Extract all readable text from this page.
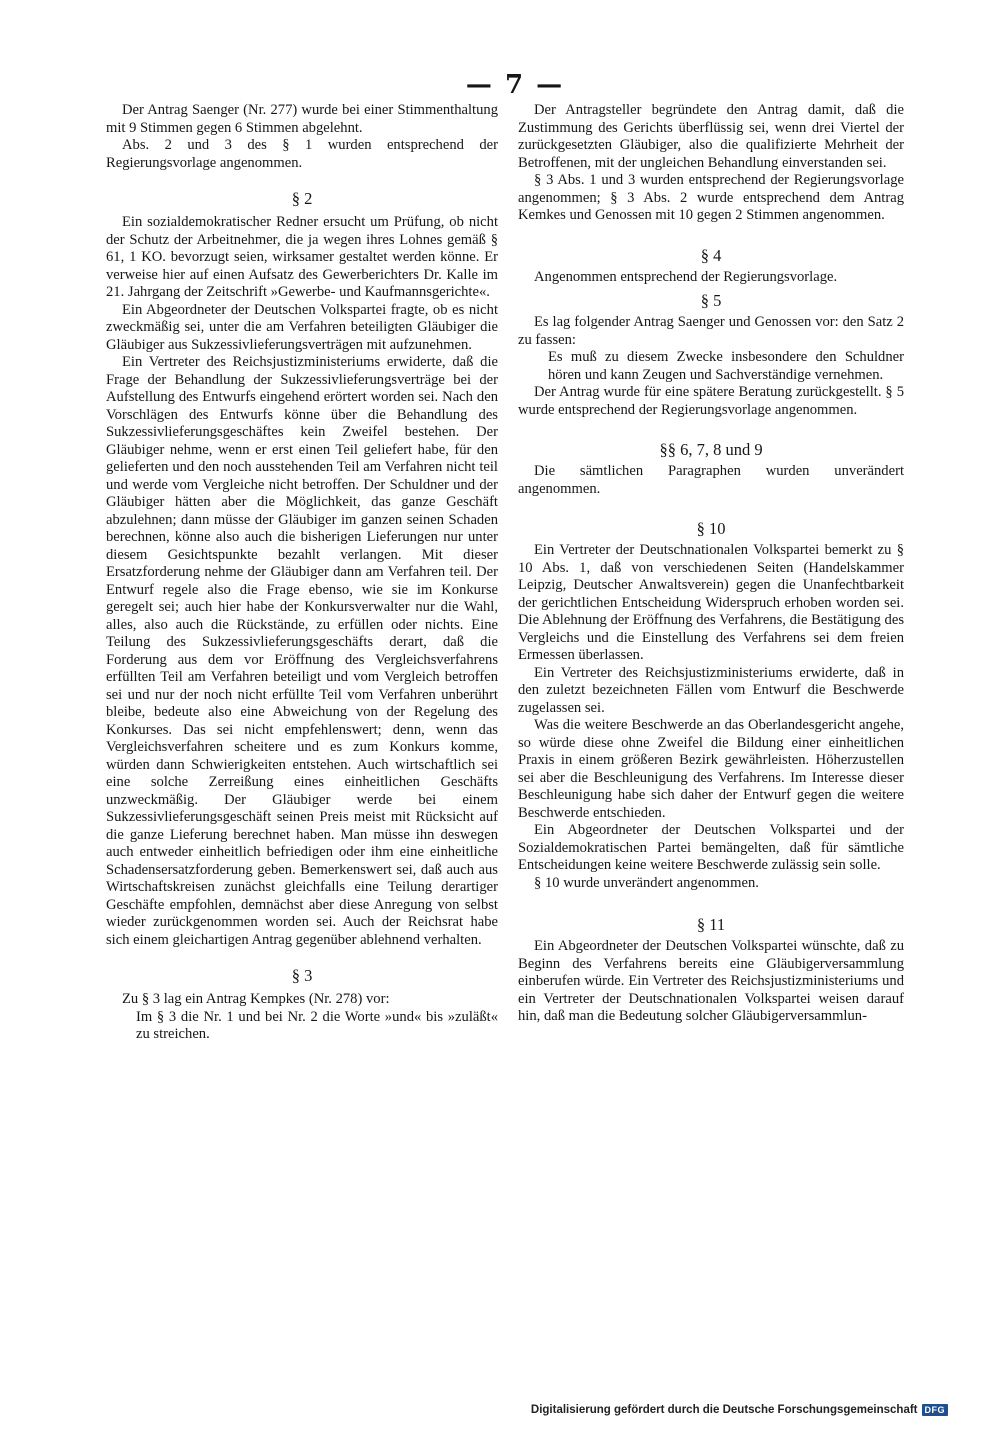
— 7 —

Der Antrag Saenger (Nr. 277) wurde bei einer Stimmenthaltung mit 9 Stimmen gegen 6 Stimmen abgelehnt.

Abs. 2 und 3 des § 1 wurden entsprechend der Regierungsvorlage angenommen.

§ 2

Ein sozialdemokratischer Redner ersucht um Prüfung, ob nicht der Schutz der Arbeitnehmer, die ja wegen ihres Lohnes gemäß § 61, 1 KO. bevorzugt seien, wirksamer gestaltet werden könne. Er verweise hier auf einen Aufsatz des Gewerberichters Dr. Kalle im 21. Jahrgang der Zeitschrift »Gewerbe- und Kaufmannsgerichte«.

Ein Abgeordneter der Deutschen Volkspartei fragte, ob es nicht zweckmäßig sei, unter die am Verfahren beteiligten Gläubiger die Gläubiger aus Sukzessivlieferungsverträgen mit aufzunehmen.

Ein Vertreter des Reichsjustizministeriums erwiderte, daß die Frage der Behandlung der Sukzessivlieferungsverträge bei der Aufstellung des Entwurfs eingehend erörtert worden sei. Nach den Vorschlägen des Entwurfs könne über die Behandlung des Sukzessivlieferungsgeschäftes kein Zweifel bestehen. Der Gläubiger nehme, wenn er erst einen Teil geliefert habe, für den gelieferten und den noch ausstehenden Teil am Verfahren nicht teil und werde vom Vergleiche nicht betroffen. Der Schuldner und der Gläubiger hätten aber die Möglichkeit, das ganze Geschäft abzulehnen; dann müsse der Gläubiger im ganzen seinen Schaden berechnen, könne also auch die bisherigen Lieferungen nur unter diesem Gesichtspunkte bezahlt verlangen. Mit dieser Ersatzforderung nehme der Gläubiger dann am Verfahren teil. Der Entwurf regele also die Frage ebenso, wie sie im Konkurse geregelt sei; auch hier habe der Konkursverwalter nur die Wahl, alles, also auch die Rückstände, zu erfüllen oder nichts. Eine Teilung des Sukzessivlieferungsgeschäfts derart, daß die Forderung aus dem vor Eröffnung des Vergleichsverfahrens erfüllten Teil am Verfahren beteiligt und vom Vergleich betroffen sei und nur der noch nicht erfüllte Teil vom Verfahren unberührt bleibe, bedeute also eine Abweichung von der Regelung des Konkurses. Das sei nicht empfehlenswert; denn, wenn das Vergleichsverfahren scheitere und es zum Konkurs komme, würden dann Schwierigkeiten entstehen. Auch wirtschaftlich sei eine solche Zerreißung eines einheitlichen Geschäfts unzweckmäßig. Der Gläubiger werde bei einem Sukzessivlieferungsgeschäft seinen Preis meist mit Rücksicht auf die ganze Lieferung berechnet haben. Man müsse ihn deswegen auch entweder einheitlich befriedigen oder ihm eine einheitliche Schadensersatzforderung geben. Bemerkenswert sei, daß auch aus Wirtschaftskreisen zunächst gleichfalls eine Teilung derartiger Geschäfte empfohlen, demnächst aber diese Anregung von selbst wieder zurückgenommen worden sei. Auch der Reichsrat habe sich einem gleichartigen Antrag gegenüber ablehnend verhalten.

§ 3

Zu § 3 lag ein Antrag Kempkes (Nr. 278) vor:

Im § 3 die Nr. 1 und bei Nr. 2 die Worte »und« bis »zuläßt« zu streichen.

Der Antragsteller begründete den Antrag damit, daß die Zustimmung des Gerichts überflüssig sei, wenn drei Viertel der zurückgesetzten Gläubiger, also die qualifizierte Mehrheit der Betroffenen, mit der ungleichen Behandlung einverstanden sei.

§ 3 Abs. 1 und 3 wurden entsprechend der Regierungsvorlage angenommen; § 3 Abs. 2 wurde entsprechend dem Antrag Kemkes und Genossen mit 10 gegen 2 Stimmen angenommen.

§ 4

Angenommen entsprechend der Regierungsvorlage.

§ 5

Es lag folgender Antrag Saenger und Genossen vor: den Satz 2 zu fassen:

Es muß zu diesem Zwecke insbesondere den Schuldner hören und kann Zeugen und Sachverständige vernehmen.

Der Antrag wurde für eine spätere Beratung zurückgestellt. § 5 wurde entsprechend der Regierungsvorlage angenommen.

§§ 6, 7, 8 und 9

Die sämtlichen Paragraphen wurden unverändert angenommen.

§ 10

Ein Vertreter der Deutschnationalen Volkspartei bemerkt zu § 10 Abs. 1, daß von verschiedenen Seiten (Handelskammer Leipzig, Deutscher Anwaltsverein) gegen die Unanfechtbarkeit der gerichtlichen Entscheidung Widerspruch erhoben worden sei. Die Ablehnung der Eröffnung des Verfahrens, die Bestätigung des Vergleichs und die Einstellung des Verfahrens sei dem freien Ermessen überlassen.

Ein Vertreter des Reichsjustizministeriums erwiderte, daß in den zuletzt bezeichneten Fällen vom Entwurf die Beschwerde zugelassen sei.

Was die weitere Beschwerde an das Oberlandesgericht angehe, so würde diese ohne Zweifel die Bildung einer einheitlichen Praxis in einem größeren Bezirk gewährleisten. Höherzustellen sei aber die Beschleunigung des Verfahrens. Im Interesse dieser Beschleunigung habe sich daher der Entwurf gegen die weitere Beschwerde entschieden.

Ein Abgeordneter der Deutschen Volkspartei und der Sozialdemokratischen Partei bemängelten, daß für sämtliche Entscheidungen keine weitere Beschwerde zulässig sein solle.

§ 10 wurde unverändert angenommen.

§ 11

Ein Abgeordneter der Deutschen Volkspartei wünschte, daß zu Beginn des Verfahrens bereits eine Gläubigerversammlung einberufen würde. Ein Vertreter des Reichsjustizministeriums und ein Vertreter der Deutschnationalen Volkspartei weisen darauf hin, daß man die Bedeutung solcher Gläubigerversammlun-

Digitalisierung gefördert durch die Deutsche Forschungsgemeinschaft DFG
